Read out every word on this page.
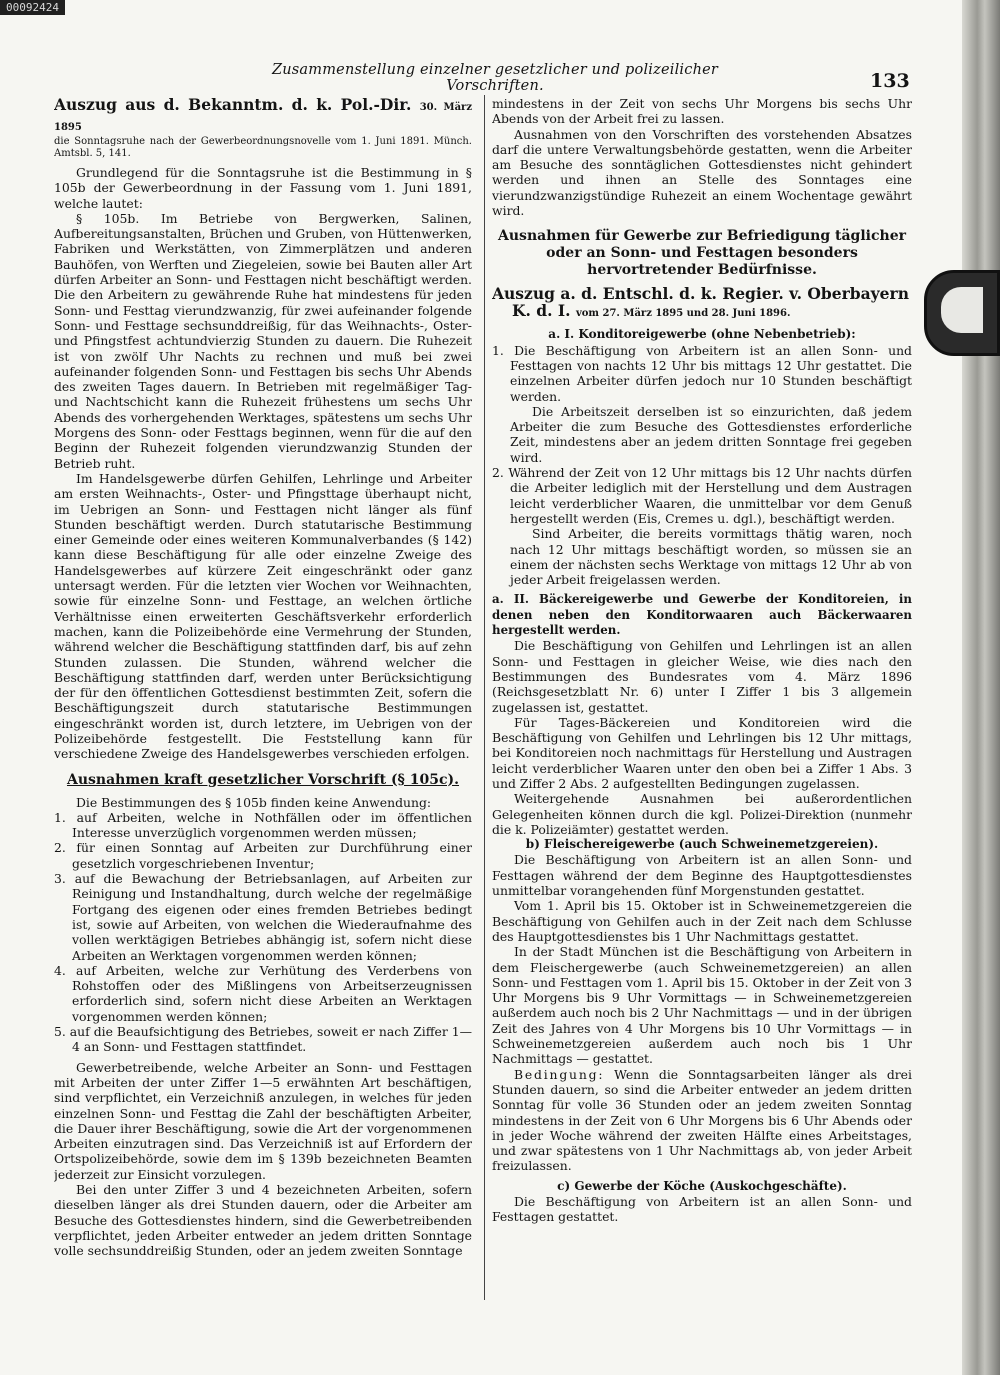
00092424
Zusammenstellung einzelner gesetzlicher und polizeilicher Vorschriften.	133

Auszug aus d. Bekanntm. d. k. Pol.-Dir. 30. März 1895

die Sonntagsruhe nach der Gewerbeordnungsnovelle vom 1. Juni 1891. Münch. Amtsbl. 5, 141.

Grundlegend für die Sonntagsruhe ist die Bestimmung in § 105b der Gewerbeordnung in der Fassung vom 1. Juni 1891, welche lautet:

§ 105b. Im Betriebe von Bergwerken, Salinen, Aufbereitungsanstalten, Brüchen und Gruben, von Hüttenwerken, Fabriken und Werkstätten, von Zimmerplätzen und anderen Bauhöfen, von Werften und Ziegeleien, sowie bei Bauten aller Art dürfen Arbeiter an Sonn- und Festtagen nicht beschäftigt werden. Die den Arbeitern zu gewährende Ruhe hat mindestens für jeden Sonn- und Festtag vierundzwanzig, für zwei aufeinander folgende Sonn- und Festtage sechsunddreißig, für das Weihnachts-, Oster- und Pfingstfest achtundvierzig Stunden zu dauern. Die Ruhezeit ist von zwölf Uhr Nachts zu rechnen und muß bei zwei aufeinander folgenden Sonn- und Festtagen bis sechs Uhr Abends des zweiten Tages dauern. In Betrieben mit regelmäßiger Tag- und Nachtschicht kann die Ruhezeit frühestens um sechs Uhr Abends des vorhergehenden Werktages, spätestens um sechs Uhr Morgens des Sonn- oder Festtags beginnen, wenn für die auf den Beginn der Ruhezeit folgenden vierundzwanzig Stunden der Betrieb ruht.

Im Handelsgewerbe dürfen Gehilfen, Lehrlinge und Arbeiter am ersten Weihnachts-, Oster- und Pfingsttage überhaupt nicht, im Uebrigen an Sonn- und Festtagen nicht länger als fünf Stunden beschäftigt werden. Durch statutarische Bestimmung einer Gemeinde oder eines weiteren Kommunalverbandes (§ 142) kann diese Beschäftigung für alle oder einzelne Zweige des Handelsgewerbes auf kürzere Zeit eingeschränkt oder ganz untersagt werden. Für die letzten vier Wochen vor Weihnachten, sowie für einzelne Sonn- und Festtage, an welchen örtliche Verhältnisse einen erweiterten Geschäftsverkehr erforderlich machen, kann die Polizeibehörde eine Vermehrung der Stunden, während welcher die Beschäftigung stattfinden darf, bis auf zehn Stunden zulassen. Die Stunden, während welcher die Beschäftigung stattfinden darf, werden unter Berücksichtigung der für den öffentlichen Gottesdienst bestimmten Zeit, sofern die Beschäftigungszeit durch statutarische Bestimmungen eingeschränkt worden ist, durch letztere, im Uebrigen von der Polizeibehörde festgestellt. Die Feststellung kann für verschiedene Zweige des Handelsgewerbes verschieden erfolgen.

Ausnahmen kraft gesetzlicher Vorschrift (§ 105c).

Die Bestimmungen des § 105b finden keine Anwendung:

1. auf Arbeiten, welche in Nothfällen oder im öffentlichen Interesse unverzüglich vorgenommen werden müssen;

2. für einen Sonntag auf Arbeiten zur Durchführung einer gesetzlich vorgeschriebenen Inventur;

3. auf die Bewachung der Betriebsanlagen, auf Arbeiten zur Reinigung und Instandhaltung, durch welche der regelmäßige Fortgang des eigenen oder eines fremden Betriebes bedingt ist, sowie auf Arbeiten, von welchen die Wiederaufnahme des vollen werktägigen Betriebes abhängig ist, sofern nicht diese Arbeiten an Werktagen vorgenommen werden können;

4. auf Arbeiten, welche zur Verhütung des Verderbens von Rohstoffen oder des Mißlingens von Arbeitserzeugnissen erforderlich sind, sofern nicht diese Arbeiten an Werktagen vorgenommen werden können;

5. auf die Beaufsichtigung des Betriebes, soweit er nach Ziffer 1—4 an Sonn- und Festtagen stattfindet.

Gewerbetreibende, welche Arbeiter an Sonn- und Festtagen mit Arbeiten der unter Ziffer 1—5 erwähnten Art beschäftigen, sind verpflichtet, ein Verzeichniß anzulegen, in welches für jeden einzelnen Sonn- und Festtag die Zahl der beschäftigten Arbeiter, die Dauer ihrer Beschäftigung, sowie die Art der vorgenommenen Arbeiten einzutragen sind. Das Verzeichniß ist auf Erfordern der Ortspolizeibehörde, sowie dem im § 139b bezeichneten Beamten jederzeit zur Einsicht vorzulegen.

Bei den unter Ziffer 3 und 4 bezeichneten Arbeiten, sofern dieselben länger als drei Stunden dauern, oder die Arbeiter am Besuche des Gottesdienstes hindern, sind die Gewerbetreibenden verpflichtet, jeden Arbeiter entweder an jedem dritten Sonntage volle sechsunddreißig Stunden, oder an jedem zweiten Sonntage

mindestens in der Zeit von sechs Uhr Morgens bis sechs Uhr Abends von der Arbeit frei zu lassen.

Ausnahmen von den Vorschriften des vorstehenden Absatzes darf die untere Verwaltungsbehörde gestatten, wenn die Arbeiter am Besuche des sonntäglichen Gottesdienstes nicht gehindert werden und ihnen an Stelle des Sonntages eine vierundzwanzigstündige Ruhezeit an einem Wochentage gewährt wird.

Ausnahmen für Gewerbe zur Befriedigung täglicher oder an Sonn- und Festtagen besonders hervortretender Bedürfnisse.

Auszug a. d. Entschl. d. k. Regier. v. Oberbayern
K. d. I. vom 27. März 1895 und 28. Juni 1896.

a. I. Konditoreigewerbe (ohne Nebenbetrieb):

1. Die Beschäftigung von Arbeitern ist an allen Sonn- und Festtagen von nachts 12 Uhr bis mittags 12 Uhr gestattet. Die einzelnen Arbeiter dürfen jedoch nur 10 Stunden beschäftigt werden.

Die Arbeitszeit derselben ist so einzurichten, daß jedem Arbeiter die zum Besuche des Gottesdienstes erforderliche Zeit, mindestens aber an jedem dritten Sonntage frei gegeben wird.

2. Während der Zeit von 12 Uhr mittags bis 12 Uhr nachts dürfen die Arbeiter lediglich mit der Herstellung und dem Austragen leicht verderblicher Waaren, die unmittelbar vor dem Genuß hergestellt werden (Eis, Cremes u. dgl.), beschäftigt werden.

Sind Arbeiter, die bereits vormittags thätig waren, noch nach 12 Uhr mittags beschäftigt worden, so müssen sie an einem der nächsten sechs Werktage von mittags 12 Uhr ab von jeder Arbeit freigelassen werden.

a. II. Bäckereigewerbe und Gewerbe der Konditoreien, in denen neben den Konditorwaaren auch Bäckerwaaren hergestellt werden.

Die Beschäftigung von Gehilfen und Lehrlingen ist an allen Sonn- und Festtagen in gleicher Weise, wie dies nach den Bestimmungen des Bundesrates vom 4. März 1896 (Reichsgesetzblatt Nr. 6) unter I Ziffer 1 bis 3 allgemein zugelassen ist, gestattet.

Für Tages-Bäckereien und Konditoreien wird die Beschäftigung von Gehilfen und Lehrlingen bis 12 Uhr mittags, bei Konditoreien noch nachmittags für Herstellung und Austragen leicht verderblicher Waaren unter den oben bei a Ziffer 1 Abs. 3 und Ziffer 2 Abs. 2 aufgestellten Bedingungen zugelassen.

Weitergehende Ausnahmen bei außerordentlichen Gelegenheiten können durch die kgl. Polizei-Direktion (nunmehr die k. Polizeiämter) gestattet werden.

b) Fleischereigewerbe (auch Schweinemetzgereien).

Die Beschäftigung von Arbeitern ist an allen Sonn- und Festtagen während der dem Beginne des Hauptgottesdienstes unmittelbar vorangehenden fünf Morgenstunden gestattet.

Vom 1. April bis 15. Oktober ist in Schweinemetzgereien die Beschäftigung von Gehilfen auch in der Zeit nach dem Schlusse des Hauptgottesdienstes bis 1 Uhr Nachmittags gestattet.

In der Stadt München ist die Beschäftigung von Arbeitern in dem Fleischergewerbe (auch Schweinemetzgereien) an allen Sonn- und Festtagen vom 1. April bis 15. Oktober in der Zeit von 3 Uhr Morgens bis 9 Uhr Vormittags — in Schweinemetzgereien außerdem auch noch bis 2 Uhr Nachmittags — und in der übrigen Zeit des Jahres von 4 Uhr Morgens bis 10 Uhr Vormittags — in Schweinemetzgereien außerdem auch noch bis 1 Uhr Nachmittags — gestattet.

Bedingung: Wenn die Sonntagsarbeiten länger als drei Stunden dauern, so sind die Arbeiter entweder an jedem dritten Sonntag für volle 36 Stunden oder an jedem zweiten Sonntag mindestens in der Zeit von 6 Uhr Morgens bis 6 Uhr Abends oder in jeder Woche während der zweiten Hälfte eines Arbeitstages, und zwar spätestens von 1 Uhr Nachmittags ab, von jeder Arbeit freizulassen.

c) Gewerbe der Köche (Auskochgeschäfte).

Die Beschäftigung von Arbeitern ist an allen Sonn- und Festtagen gestattet.
